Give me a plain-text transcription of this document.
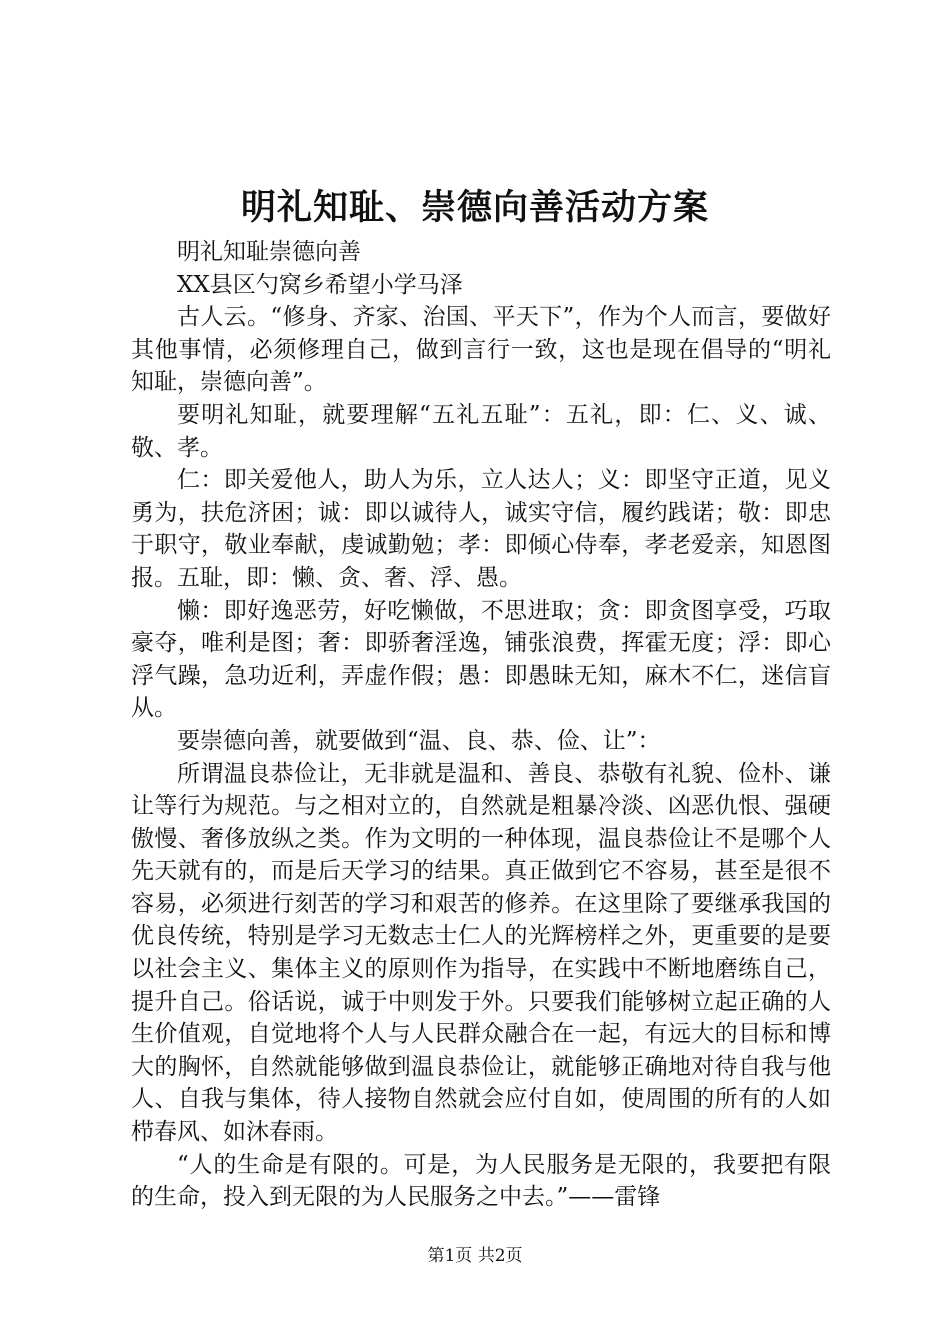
明礼知耻、崇德向善活动方案

明礼知耻崇德向善

XX县区勺窝乡希望小学马泽

古人云。“修身、齐家、治国、平天下”，作为个人而言，要做好其他事情，必须修理自己，做到言行一致，这也是现在倡导的“明礼知耻，崇德向善”。

要明礼知耻，就要理解“五礼五耻”：五礼，即：仁、义、诚、敬、孝。

仁：即关爱他人，助人为乐，立人达人；义：即坚守正道，见义勇为，扶危济困；诚：即以诚待人，诚实守信，履约践诺；敬：即忠于职守，敬业奉献，虔诚勤勉；孝：即倾心侍奉，孝老爱亲，知恩图报。五耻，即：懒、贪、奢、浮、愚。

懒：即好逸恶劳，好吃懒做，不思进取；贪：即贪图享受，巧取豪夺，唯利是图；奢：即骄奢淫逸，铺张浪费，挥霍无度；浮：即心浮气躁，急功近利，弄虚作假；愚：即愚昧无知，麻木不仁，迷信盲从。

要崇德向善，就要做到“温、良、恭、俭、让”：

所谓温良恭俭让，无非就是温和、善良、恭敬有礼貌、俭朴、谦让等行为规范。与之相对立的，自然就是粗暴冷淡、凶恶仇恨、强硬傲慢、奢侈放纵之类。作为文明的一种体现，温良恭俭让不是哪个人先天就有的，而是后天学习的结果。真正做到它不容易，甚至是很不容易，必须进行刻苦的学习和艰苦的修养。在这里除了要继承我国的优良传统，特别是学习无数志士仁人的光辉榜样之外，更重要的是要以社会主义、集体主义的原则作为指导，在实践中不断地磨练自己，提升自己。俗话说，诚于中则发于外。只要我们能够树立起正确的人生价值观，自觉地将个人与人民群众融合在一起，有远大的目标和博大的胸怀，自然就能够做到温良恭俭让，就能够正确地对待自我与他人、自我与集体，待人接物自然就会应付自如，使周围的所有的人如栉春风、如沐春雨。

“人的生命是有限的。可是，为人民服务是无限的，我要把有限的生命，投入到无限的为人民服务之中去。”——雷锋

第1页 共2页
